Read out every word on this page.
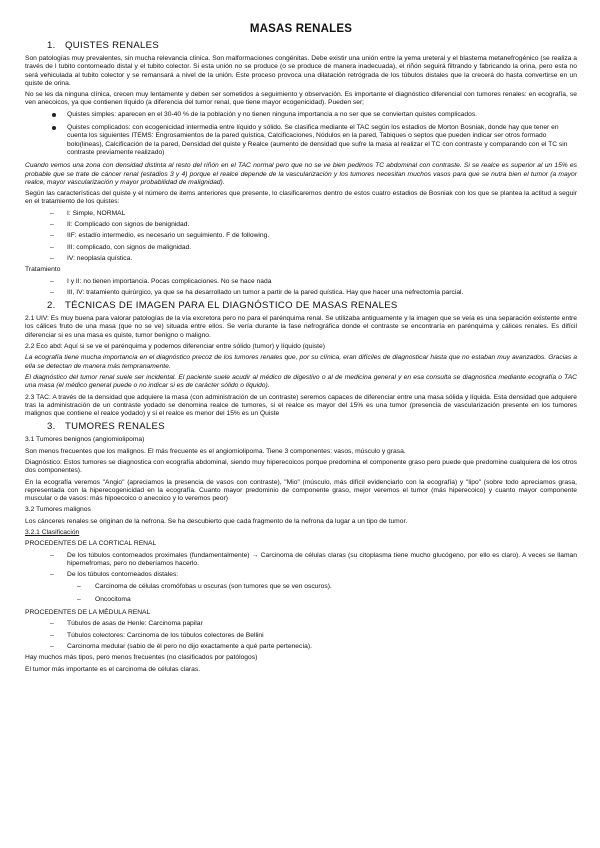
MASAS RENALES
1. QUISTES RENALES

Son patologías muy prevalentes, sin mucha relevancia clínica. Son malformaciones congénitas. Debe existir una unión entre la yema ureteral y el blastema metanefrogénico (se realiza a través de l tubito contorneado distal y el tubito colector. Si esta unión no se produce (o se produce de manera inadecuada), el riñón seguirá filtrando y fabricando la orina, pero esta no será vehiculada al tubito colector y se remansará a nivel de la unión. Este proceso provoca una dilatación retrógrada de los túbulos distales que la crecerá do hasta convertirse en un quiste de orina.

No se les da ninguna clínica, crecen muy lentamente y deben ser sometidos a seguimiento y observación. Es importante el diagnóstico diferencial con tumores renales: en ecografía, se ven anecoicos, ya que contienen líquido (a diferencia del tumor renal, que tiene mayor ecogenicidad). Pueden ser;

Quistes simples: aparecen en el 30-40 % de la población y no tienen ninguna importancia a no ser que se conviertan quistes complicados.
Quistes complicados: con ecogenicidad intermedia entre líquido y sólido. Se clasifica mediante el TAC según los estadios de Morton Bosniak, donde hay que tener en cuenta los siguientes ITEMS: Engrosamientos de la pared quística, Calcificaciones, Nódulos en la pared, Tabiques o septos que pueden indicar ser otros formado bolo(lineas), Calcificación de la pared, Densidad del quiste y Realce (aumento de densidad que sufre la masa al realizar el TC con contraste y comparando con el TC sin contraste previamente realizado)

Cuando vemos una zona con densidad distinta al resto del riñón en el TAC normal pero que no se ve bien pedimos TC abdominal con contraste. Si se realce es superior al un 15% es probable que se trate de cáncer renal (estadios 3 y 4) porque el realce depende de la vascularización y los tumores necesitan muchos vasos para que se nutra bien el tumor (a mayor realce, mayor vascularización y mayor probabilidad de malignidad).

Según las características del quiste y el número de items anteriores que presente, lo clasificaremos dentro de estos cuatro estadios de Bosniak con los que se plantea la actitud a seguir en el tratamiento de los quistes:

– I: Simple, NORMAL
– II: Complicado con signos de benignidad.
– IIF: estadío intermedio, es necesario un seguimiento. F de following.
– III: complicado, con signos de malignidad.
– IV: neoplasia quística.

Tratamiento

– I y II: no tienen importancia. Pocas complicaciones. No se hace nada
– III, IV: tratamiento quirúrgico, ya que se ha desarrollado un tumor a partir de la pared quística. Hay que hacer una nefrectomía parcial.
2. TÉCNICAS DE IMAGEN PARA EL DIAGNÓSTICO DE MASAS RENALES

2.1 UIV: Es muy buena para valorar patologías de la vía excretora pero no para el parénquima renal. Se utilizaba antiguamente y la imagen que se veía es una separación existente entre los cálices fruto de una masa (que no se ve) situada entre ellos. Se vería durante la fase nefrográfica donde el contraste se encontraría en parénquima y cálices renales. Es difícil diferenciar si es una masa es quiste, tumor benigno o maligno.

2.2 Eco abd: Aquí si se ve el parénquima y podemos diferenciar entre sólido (tumor) y líquido (quiste)

La ecografía tiene mucha importancia en el diagnóstico precoz de los tumores renales que, por su clínica, eran difíciles de diagnosticar hasta que no estaban muy avanzados. Gracias a ella se detectan de manera más tempranamente.

El diagnóstico del tumor renal suele ser incidental. El paciente suele acudir al médico de digestivo o al de medicina general y en esa consulta se diagnostica mediante ecografía o TAC una masa (el médico general puede o no indicar si es de carácter sólido o líquido).

2.3 TAC: A través de la densidad que adquiere la masa (con administración de un contraste) seremos capaces de diferenciar entre una masa sólida y líquida. Esta densidad que adquiere tras la administración de un contraste yodado se denomina realce de tumores, si el realce es mayor del 15% es una tumor (presencia de vascularización presente en los tumores malignos que contiene el realce yodado) y si el realce es menor del 15% es un Quiste

3. TUMORES RENALES

3.1 Tumores benignos (angiomiolipoma)

Son menos frecuentes que los malignos. El más frecuente es el angiomiolipoma. Tiene 3 componentes: vasos, músculo y grasa.

Diagnóstico: Estos tumores se diagnostica con ecografía abdominal, siendo muy hiperecoicos porque predomina el componente graso pero puede que predomine cualquiera de los otros dos componentes).

En la ecografía veremos "Angio" (apreciamos la presencia de vasos con contraste), "Mio" (músculo, más difícil evidenciarlo con la ecografía) y "lipo" (sobre todo apreciamos grasa, representada con la hiperecogenicidad en la ecografía. Cuanto mayor predominio de componente graso, mejor veremos el tumor (más hiperecoico) y cuanto mayor componente muscular o de vasos: más hipoecoico o anecoico y lo veremos peor)

3.2 Tumores malignos

Los cánceres renales se originan de la nefrona. Se ha descubierto que cada fragmento de la nefrona da lugar a un tipo de tumor.

3.2.1 Clasificación

PROCEDENTES DE LA CORTICAL RENAL

– De los túbulos contorneados proximales (fundamentalmente) → Carcinoma de células claras (su citoplasma tiene mucho glucógeno, por ello es claro). A veces se llaman hipernefromas, pero no deberíamos hacerlo.
– De los túbulos contorneados distales:
– Carcinoma de células cromófobas u oscuras (son tumores que se ven oscuros).
– Oncocitoma

PROCEDENTES DE LA MÉDULA RENAL

– Túbulos de asas de Henle: Carcinoma papilar
– Túbulos colectores: Carcinoma de los túbulos colectores de Bellini
– Carcinoma medular (sabio de él pero no dijo exactamente a qué parte pertenecía).

Hay muchos más tipos, pero menos frecuentes (no clasificados por patólogos)

El tumor más importante es el carcinoma de células claras.
